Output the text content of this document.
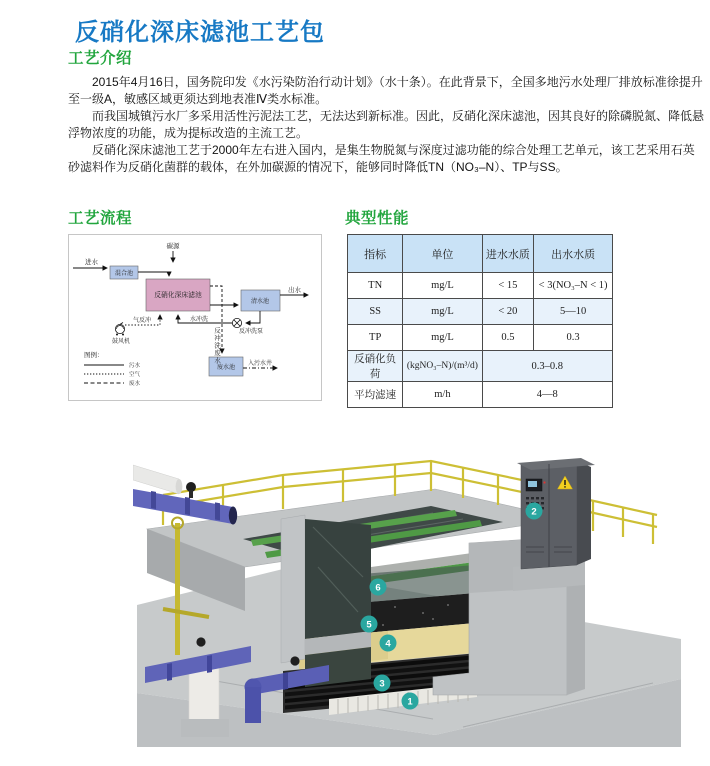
反硝化深床滤池工艺包
工艺介绍

2015年4月16日，国务院印发《水污染防治行动计划》（水十条）。在此背景下，全国多地污水处理厂排放标准徐提升至一级A，敏感区域更须达到地表准Ⅳ类水标准。

而我国城镇污水厂多采用活性污泥法工艺，无法达到新标准。因此，反硝化深床滤池，因其良好的除磷脱氮、降低悬浮物浓度的功能，成为提标改造的主流工艺。

反硝化深床滤池工艺于2000年左右进入国内，是集生物脱氮与深度过滤功能的综合处理工艺单元，该工艺采用石英砂滤料作为反硝化菌群的载体，在外加碳源的情况下，能够同时降低TN（NO₃–N）、TP与SS。

工艺流程
碳源
进水
混合池
反硝化深床滤池
清水池
出水
反冲洗泵
水冲洗
气反冲
鼓风机
废水池
入污水井
图例：
污水
空气
废水
反冲洗废水
典型性能
指标	单位	进水水质	出水水质
TN	mg/L	< 15	< 3(NO₃–N < 1)
SS	mg/L	< 20	5—10
TP	mg/L	0.5	0.3
反硝化负荷	(kgNO₃–N)/(m³/d)	0.3–0.8	
平均滤速	m/h	4—8	
1
2
3
4
5
6
